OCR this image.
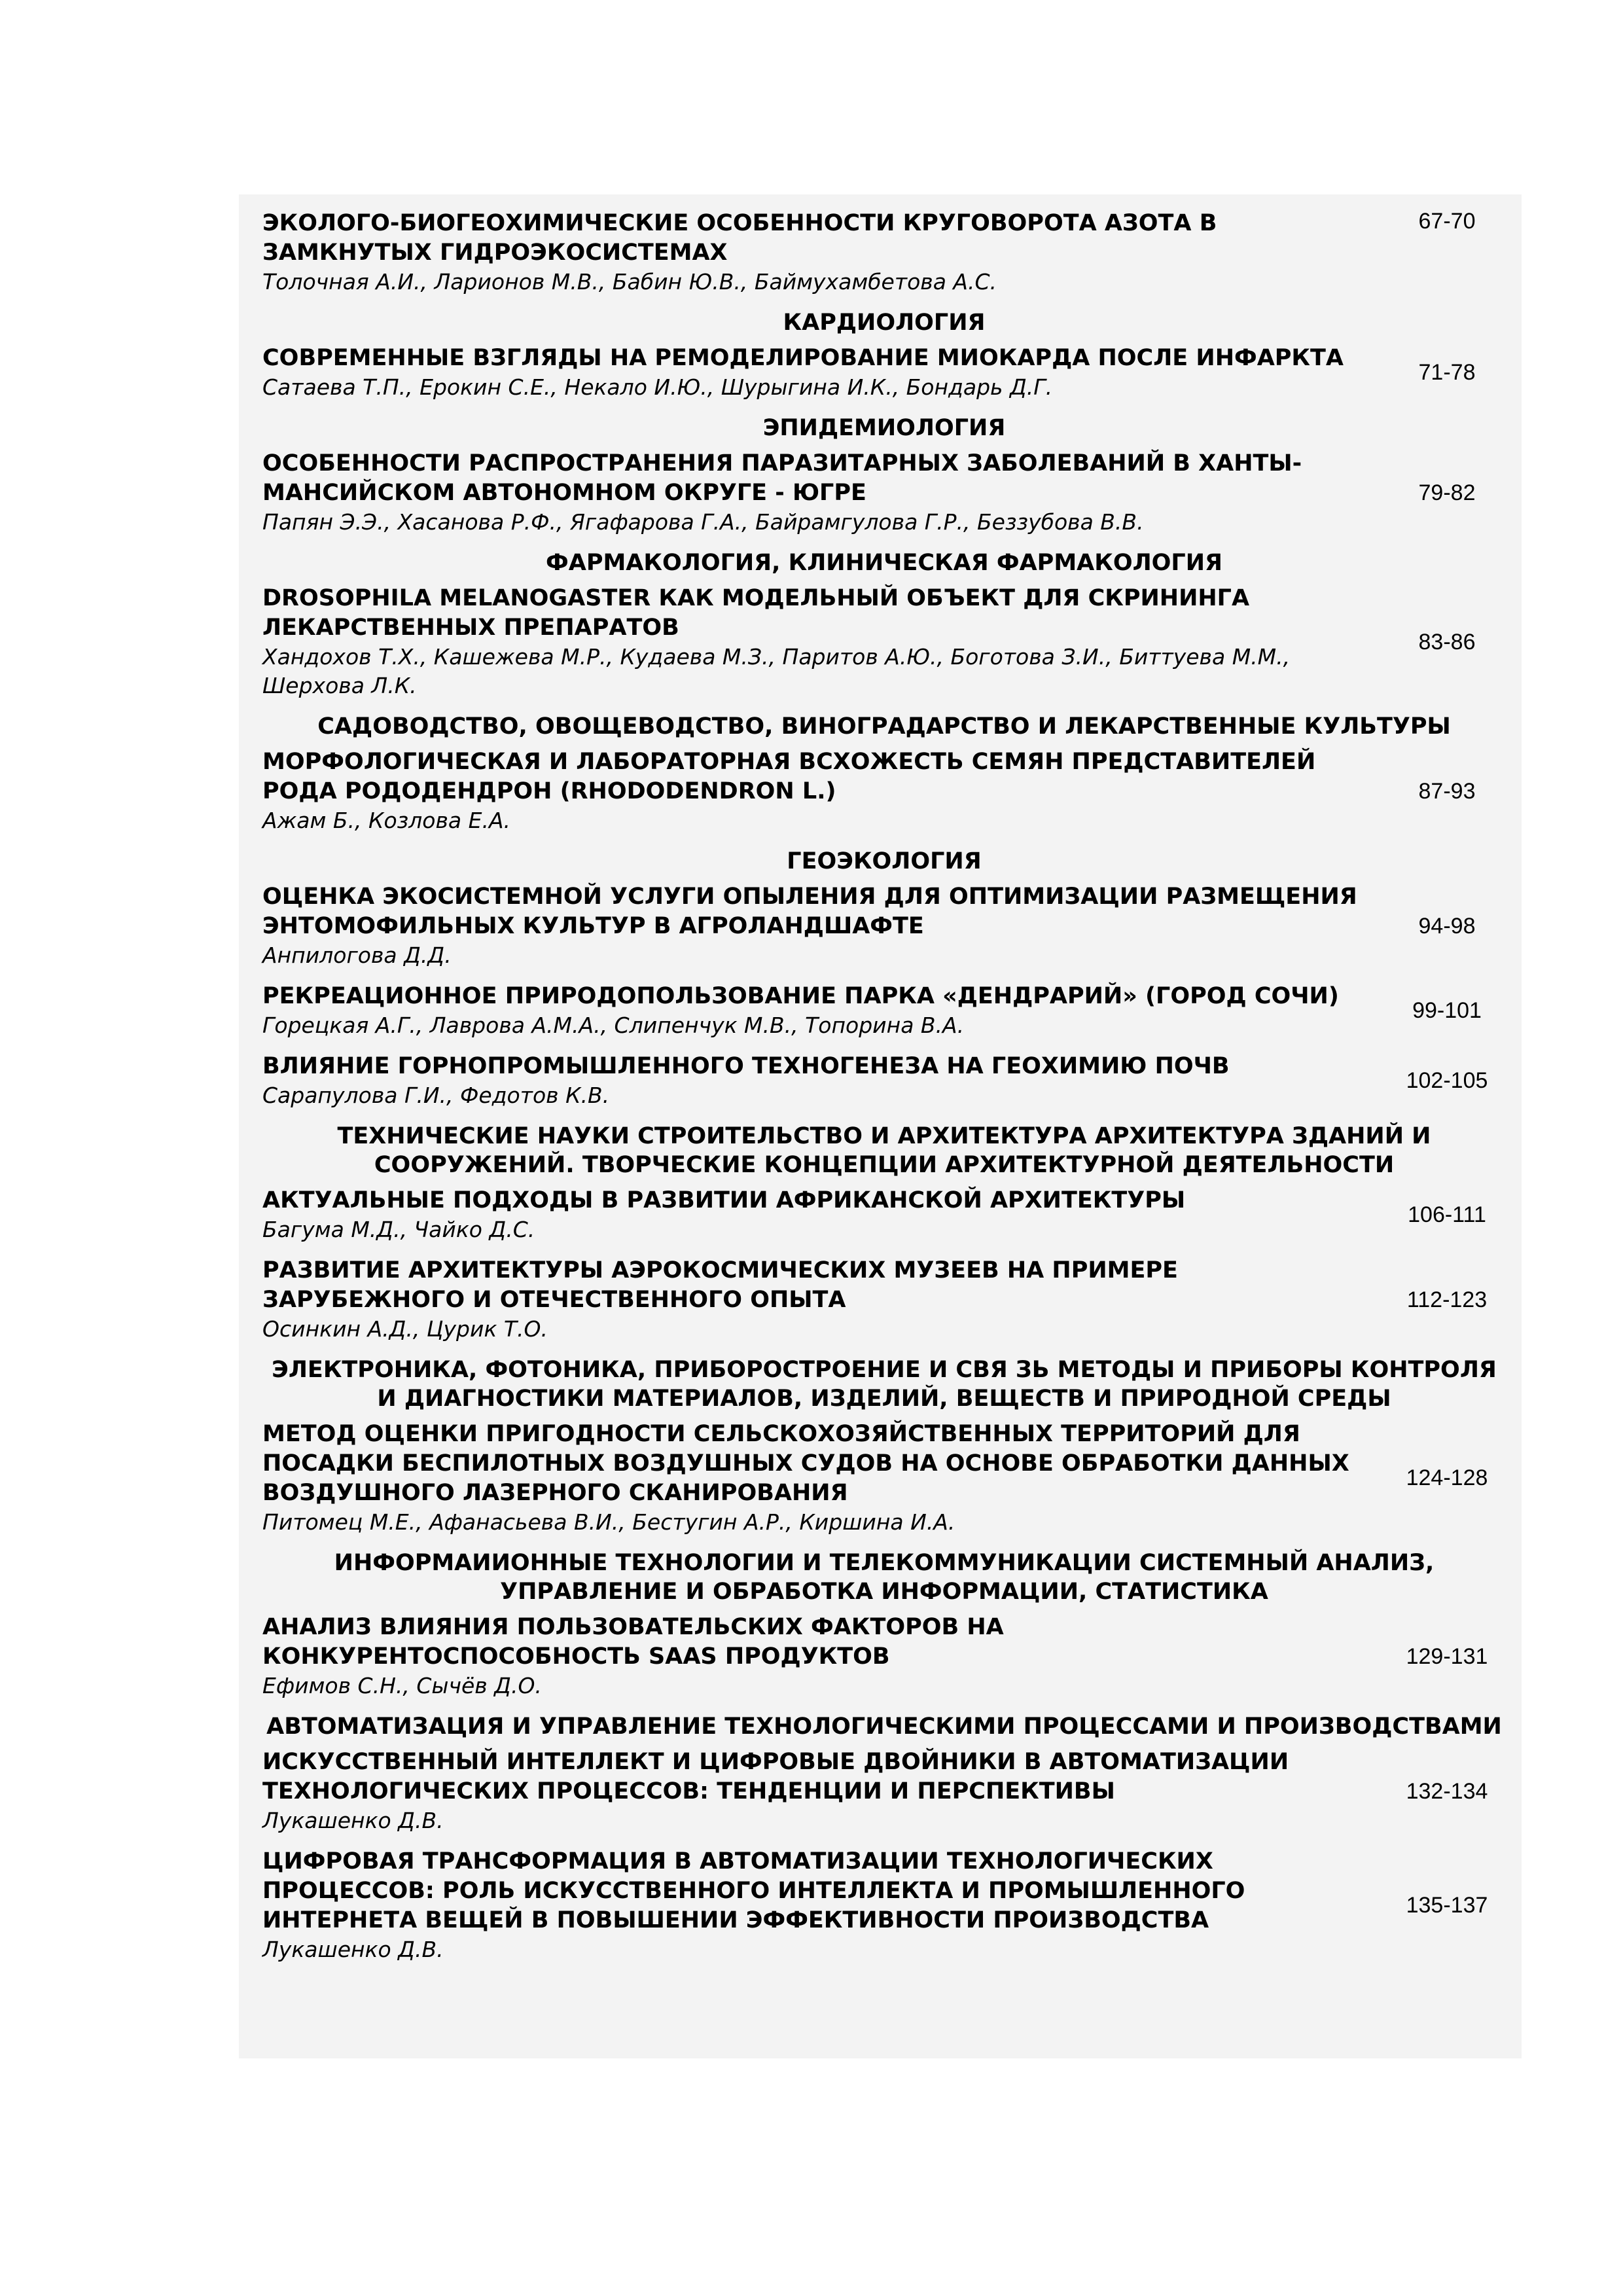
ЭКОЛОГО-БИОГЕОХИМИЧЕСКИЕ ОСОБЕННОСТИ КРУГОВОРОТА АЗОТА В ЗАМКНУТЫХ ГИДРОЭКОСИСТЕМАХ
Толочная А.И., Ларионов М.В., Бабин Ю.В., Баймухамбетова А.С.
67-70
КАРДИОЛОГИЯ
СОВРЕМЕННЫЕ ВЗГЛЯДЫ НА РЕМОДЕЛИРОВАНИЕ МИОКАРДА ПОСЛЕ ИНФАРКТА
Сатаева Т.П., Ерокин С.Е., Некало И.Ю., Шурыгина И.К., Бондарь Д.Г.
71-78
ЭПИДЕМИОЛОГИЯ
ОСОБЕННОСТИ РАСПРОСТРАНЕНИЯ ПАРАЗИТАРНЫХ ЗАБОЛЕВАНИЙ В ХАНТЫ-МАНСИЙСКОМ АВТОНОМНОМ ОКРУГЕ - ЮГРЕ
Папян Э.Э., Хасанова Р.Ф., Ягафарова Г.А., Байрамгулова Г.Р., Беззубова В.В.
79-82
ФАРМАКОЛОГИЯ, КЛИНИЧЕСКАЯ ФАРМАКОЛОГИЯ
DROSOPHILA MELANOGASTER КАК МОДЕЛЬНЫЙ ОБЪЕКТ ДЛЯ СКРИНИНГА ЛЕКАРСТВЕННЫХ ПРЕПАРАТОВ
Хандохов Т.Х., Кашежева М.Р., Кудаева М.З., Паритов А.Ю., Боготова З.И., Биттуева М.М., Шерхова Л.К.
83-86
САДОВОДСТВО, ОВОЩЕВОДСТВО, ВИНОГРАДАРСТВО И ЛЕКАРСТВЕННЫЕ КУЛЬТУРЫ
МОРФОЛОГИЧЕСКАЯ И ЛАБОРАТОРНАЯ ВСХОЖЕСТЬ СЕМЯН ПРЕДСТАВИТЕЛЕЙ РОДА РОДОДЕНДРОН (RHODODENDRON L.)
Ажам Б., Козлова Е.А.
87-93
ГЕОЭКОЛОГИЯ
ОЦЕНКА ЭКОСИСТЕМНОЙ УСЛУГИ ОПЫЛЕНИЯ ДЛЯ ОПТИМИЗАЦИИ РАЗМЕЩЕНИЯ ЭНТОМОФИЛЬНЫХ КУЛЬТУР В АГРОЛАНДШАФТЕ
Анпилогова Д.Д.
94-98
РЕКРЕАЦИОННОЕ ПРИРОДОПОЛЬЗОВАНИЕ ПАРКА «ДЕНДРАРИЙ» (ГОРОД СОЧИ)
Горецкая А.Г., Лаврова А.М.А., Слипенчук М.В., Топорина В.А.
99-101
ВЛИЯНИЕ ГОРНОПРОМЫШЛЕННОГО ТЕХНОГЕНЕЗА НА ГЕОХИМИЮ ПОЧВ
Сарапулова Г.И., Федотов К.В.
102-105
ТЕХНИЧЕСКИЕ НАУКИ СТРОИТЕЛЬСТВО И АРХИТЕКТУРА АРХИТЕКТУРА ЗДАНИЙ И СООРУЖЕНИЙ. ТВОРЧЕСКИЕ КОНЦЕПЦИИ АРХИТЕКТУРНОЙ ДЕЯТЕЛЬНОСТИ
АКТУАЛЬНЫЕ ПОДХОДЫ В РАЗВИТИИ АФРИКАНСКОЙ АРХИТЕКТУРЫ
Багума М.Д., Чайко Д.С.
106-111
РАЗВИТИЕ АРХИТЕКТУРЫ АЭРОКОСМИЧЕСКИХ МУЗЕЕВ НА ПРИМЕРЕ ЗАРУБЕЖНОГО И ОТЕЧЕСТВЕННОГО ОПЫТА
Осинкин А.Д., Цурик Т.О.
112-123
ЭЛЕКТРОНИКА, ФОТОНИКА, ПРИБОРОСТРОЕНИЕ И СВЯ ЗЬ МЕТОДЫ И ПРИБОРЫ КОНТРОЛЯ И ДИАГНОСТИКИ МАТЕРИАЛОВ, ИЗДЕЛИЙ, ВЕЩЕСТВ И ПРИРОДНОЙ СРЕДЫ
МЕТОД ОЦЕНКИ ПРИГОДНОСТИ СЕЛЬСКОХОЗЯЙСТВЕННЫХ ТЕРРИТОРИЙ ДЛЯ ПОСАДКИ БЕСПИЛОТНЫХ ВОЗДУШНЫХ СУДОВ НА ОСНОВЕ ОБРАБОТКИ ДАННЫХ ВОЗДУШНОГО ЛАЗЕРНОГО СКАНИРОВАНИЯ
Питомец М.Е., Афанасьева В.И., Бестугин А.Р., Киршина И.А.
124-128
ИНФОРМАИИОННЫЕ ТЕХНОЛОГИИ И ТЕЛЕКОММУНИКАЦИИ СИСТЕМНЫЙ АНАЛИЗ, УПРАВЛЕНИЕ И ОБРАБОТКА ИНФОРМАЦИИ, СТАТИСТИКА
АНАЛИЗ ВЛИЯНИЯ ПОЛЬЗОВАТЕЛЬСКИХ ФАКТОРОВ НА КОНКУРЕНТОСПОСОБНОСТЬ SAAS ПРОДУКТОВ
Ефимов С.Н., Сычёв Д.О.
129-131
АВТОМАТИЗАЦИЯ И УПРАВЛЕНИЕ ТЕХНОЛОГИЧЕСКИМИ ПРОЦЕССАМИ И ПРОИЗВОДСТВАМИ
ИСКУССТВЕННЫЙ ИНТЕЛЛЕКТ И ЦИФРОВЫЕ ДВОЙНИКИ В АВТОМАТИЗАЦИИ ТЕХНОЛОГИЧЕСКИХ ПРОЦЕССОВ: ТЕНДЕНЦИИ И ПЕРСПЕКТИВЫ
Лукашенко Д.В.
132-134
ЦИФРОВАЯ ТРАНСФОРМАЦИЯ В АВТОМАТИЗАЦИИ ТЕХНОЛОГИЧЕСКИХ ПРОЦЕССОВ: РОЛЬ ИСКУССТВЕННОГО ИНТЕЛЛЕКТА И ПРОМЫШЛЕННОГО ИНТЕРНЕТА ВЕЩЕЙ В ПОВЫШЕНИИ ЭФФЕКТИВНОСТИ ПРОИЗВОДСТВА
Лукашенко Д.В.
135-137
